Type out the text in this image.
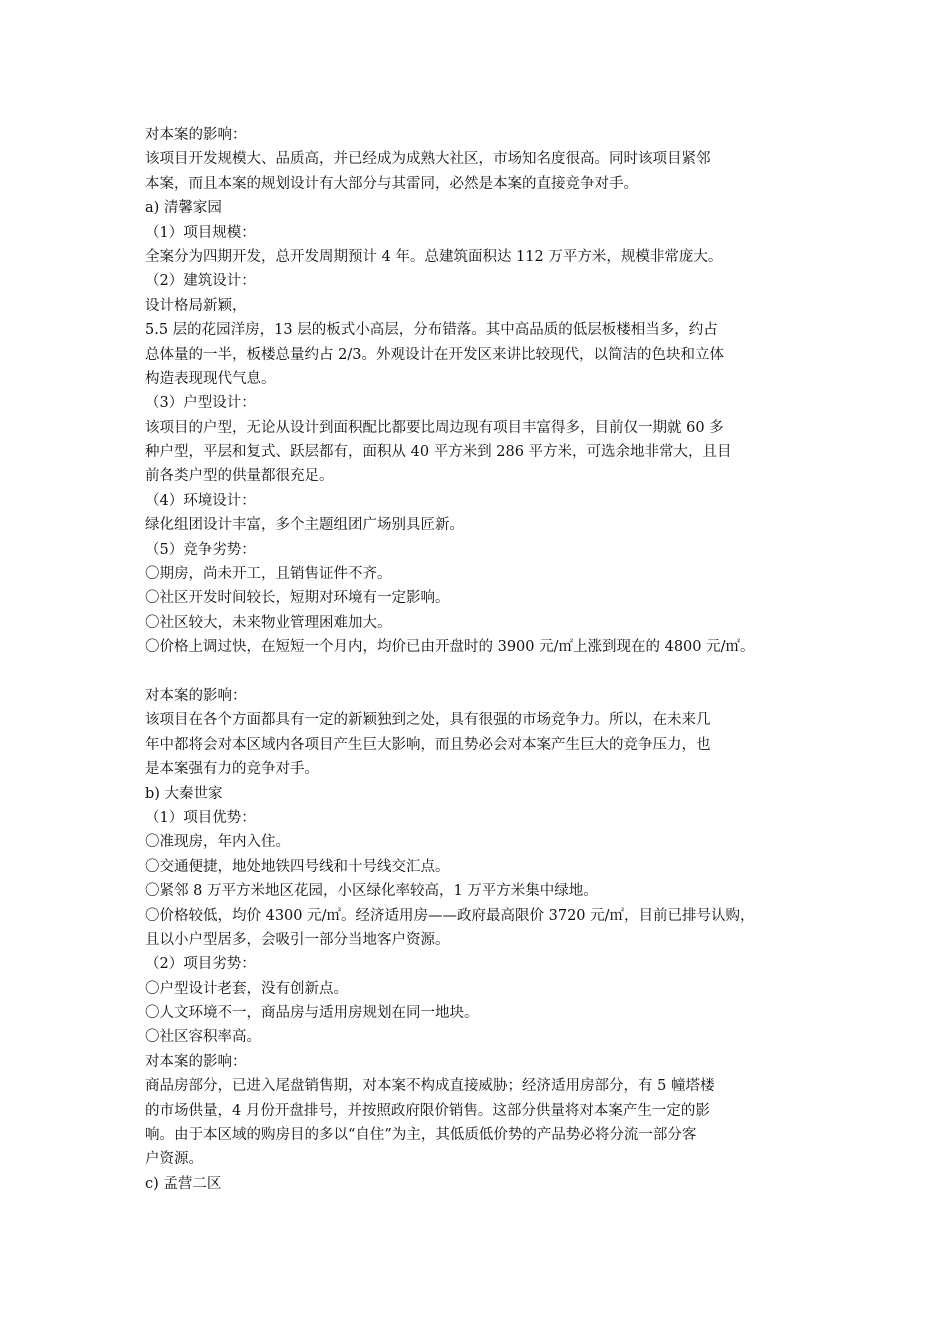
对本案的影响：
该项目开发规模大、品质高，并已经成为成熟大社区，市场知名度很高。同时该项目紧邻
本案，而且本案的规划设计有大部分与其雷同，必然是本案的直接竞争对手。
a) 清馨家园
（1）项目规模：
全案分为四期开发，总开发周期预计 4 年。总建筑面积达 112 万平方米，规模非常庞大。
（2）建筑设计：
设计格局新颖，
5.5 层的花园洋房，13 层的板式小高层，分布错落。其中高品质的低层板楼相当多，约占
总体量的一半，板楼总量约占 2/3。外观设计在开发区来讲比较现代，以简洁的色块和立体
构造表现现代气息。
（3）户型设计：
该项目的户型，无论从设计到面积配比都要比周边现有项目丰富得多，目前仅一期就 60 多
种户型，平层和复式、跃层都有，面积从 40 平方米到 286 平方米，可选余地非常大，且目
前各类户型的供量都很充足。
（4）环境设计：
绿化组团设计丰富，多个主题组团广场别具匠新。
（5）竞争劣势：
〇期房，尚未开工，且销售证件不齐。
〇社区开发时间较长，短期对环境有一定影响。
〇社区较大，未来物业管理困难加大。
〇价格上调过快，在短短一个月内，均价已由开盘时的 3900 元/㎡上涨到现在的 4800 元/㎡。
对本案的影响：
该项目在各个方面都具有一定的新颖独到之处，具有很强的市场竞争力。所以，在未来几
年中都将会对本区域内各项目产生巨大影响，而且势必会对本案产生巨大的竞争压力，也
是本案强有力的竞争对手。
b) 大秦世家
（1）项目优势：
〇准现房，年内入住。
〇交通便捷，地处地铁四号线和十号线交汇点。
〇紧邻 8 万平方米地区花园，小区绿化率较高，1 万平方米集中绿地。
〇价格较低，均价 4300 元/㎡。经济适用房——政府最高限价 3720 元/㎡，目前已排号认购，
且以小户型居多，会吸引一部分当地客户资源。
（2）项目劣势：
〇户型设计老套，没有创新点。
〇人文环境不一，商品房与适用房规划在同一地块。
〇社区容积率高。
对本案的影响：
商品房部分，已进入尾盘销售期，对本案不构成直接威胁；经济适用房部分，有 5 幢塔楼
的市场供量，4 月份开盘排号，并按照政府限价销售。这部分供量将对本案产生一定的影
响。由于本区域的购房目的多以“自住”为主，其低质低价势的产品势必将分流一部分客
户资源。
c) 孟营二区
